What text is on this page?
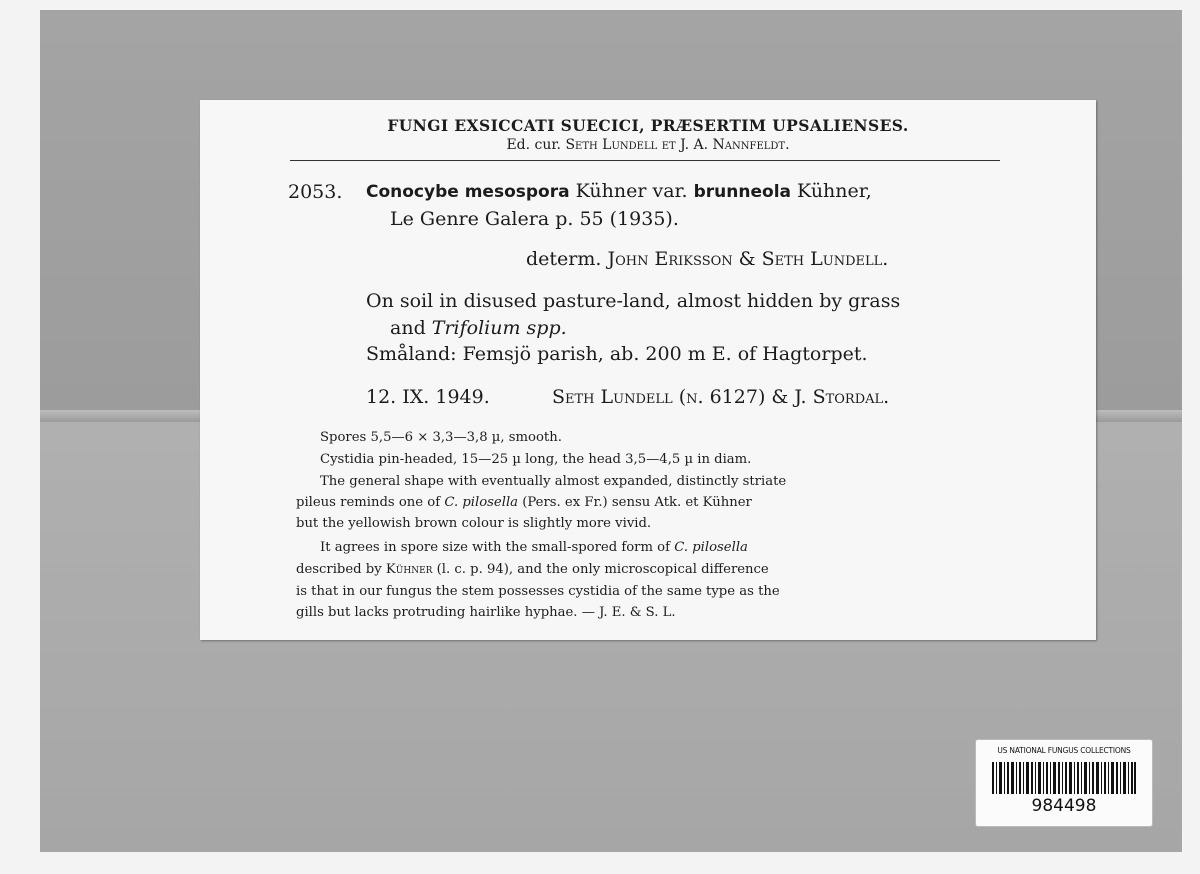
FUNGI EXSICCATI SUECICI, PRÆSERTIM UPSALIENSES.
Ed. cur. Seth Lundell et J. A. Nannfeldt.
2053. Conocybe mesospora Kühner var. brunneola Kühner,
Le Genre Galera p. 55 (1935).
determ. John Eriksson & Seth Lundell.
On soil in disused pasture-land, almost hidden by grass
and Trifolium spp.
Småland: Femsjö parish, ab. 200 m E. of Hagtorpet.
12. IX. 1949.	Seth Lundell (n. 6127) & J. Stordal.
Spores 5,5—6 × 3,3—3,8 µ, smooth.
Cystidia pin-headed, 15—25 µ long, the head 3,5—4,5 µ in diam.
The general shape with eventually almost expanded, distinctly striate
pileus reminds one of C. pilosella (Pers. ex Fr.) sensu Atk. et Kühner
but the yellowish brown colour is slightly more vivid.
It agrees in spore size with the small-spored form of C. pilosella
described by Kühner (l. c. p. 94), and the only microscopical difference
is that in our fungus the stem possesses cystidia of the same type as the
gills but lacks protruding hairlike hyphae. — J. E. & S. L.
US NATIONAL FUNGUS COLLECTIONS
984498
